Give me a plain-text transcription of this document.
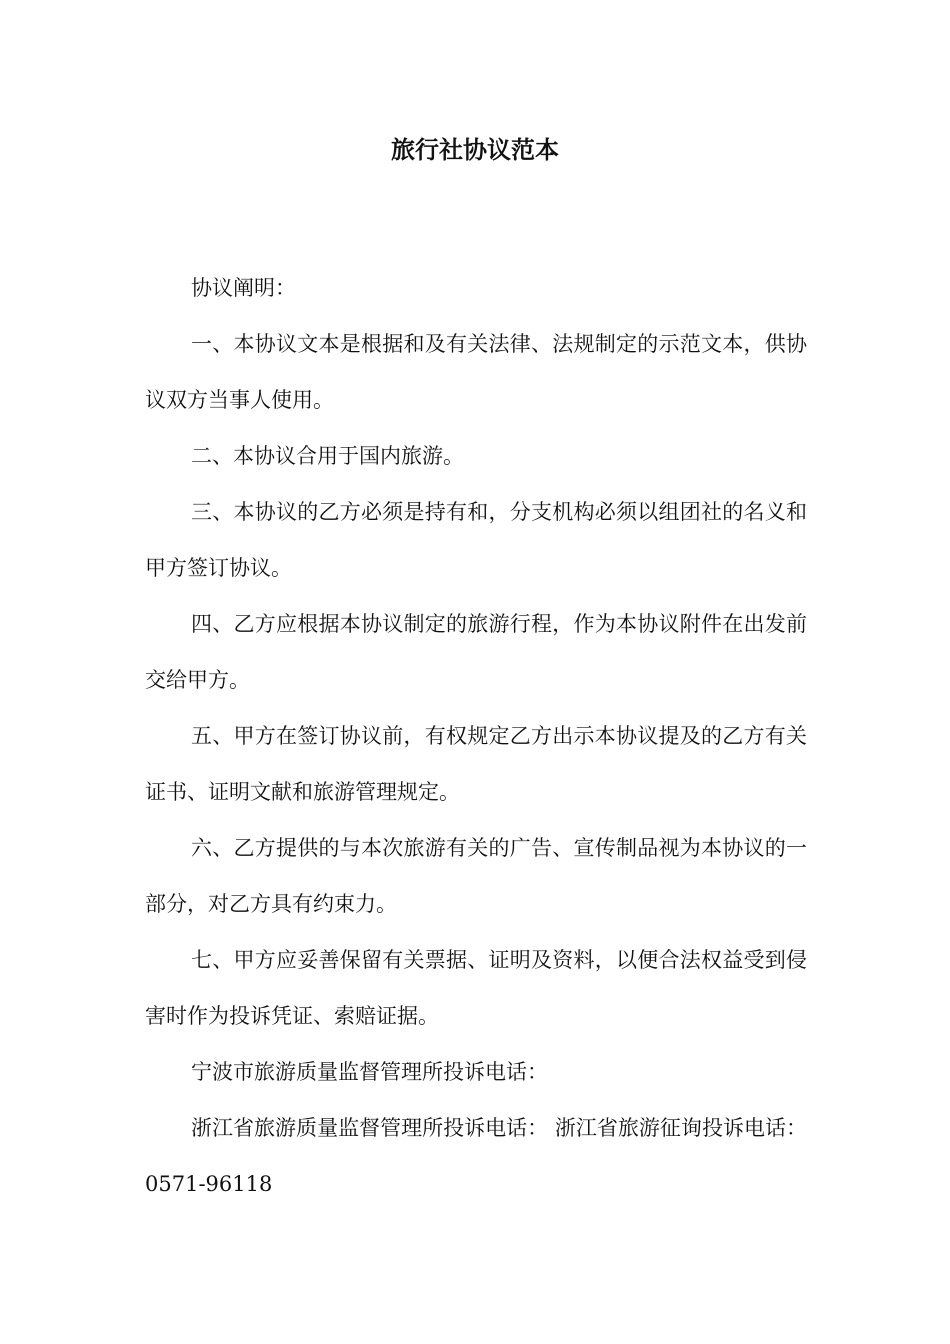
旅行社协议范本

协议阐明：

一、本协议文本是根据和及有关法律、法规制定的示范文本，供协议双方当事人使用。

二、本协议合用于国内旅游。

三、本协议的乙方必须是持有和，分支机构必须以组团社的名义和甲方签订协议。

四、乙方应根据本协议制定的旅游行程，作为本协议附件在出发前交给甲方。

五、甲方在签订协议前，有权规定乙方出示本协议提及的乙方有关证书、证明文献和旅游管理规定。

六、乙方提供的与本次旅游有关的广告、宣传制品视为本协议的一部分，对乙方具有约束力。

七、甲方应妥善保留有关票据、证明及资料，以便合法权益受到侵害时作为投诉凭证、索赔证据。

宁波市旅游质量监督管理所投诉电话：

浙江省旅游质量监督管理所投诉电话： 浙江省旅游征询投诉电话：0571-96118
